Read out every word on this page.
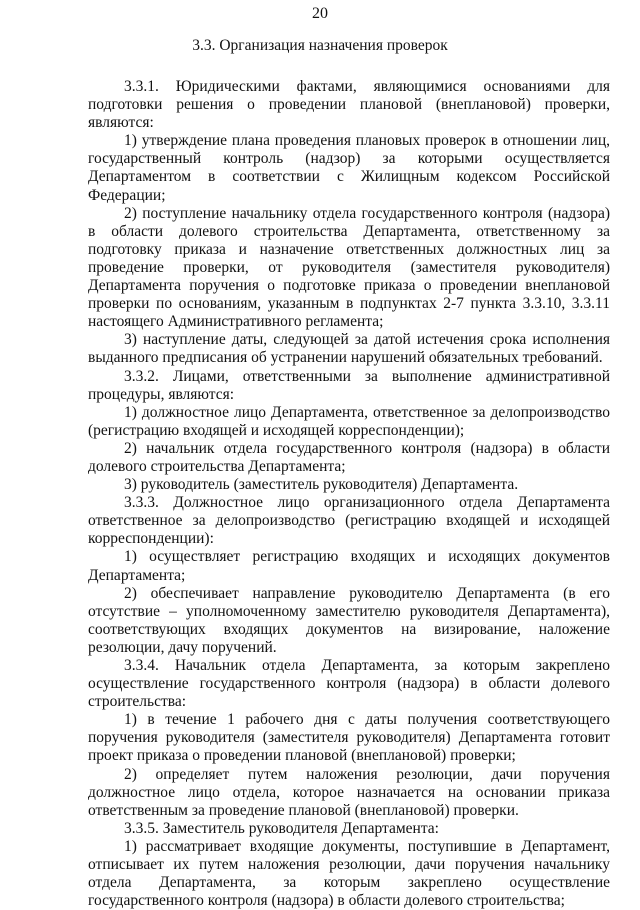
20
3.3. Организация назначения проверок

3.3.1. Юридическими фактами, являющимися основаниями для подготовки решения о проведении плановой (внеплановой) проверки, являются:

1) утверждение плана проведения плановых проверок в отношении лиц, государственный контроль (надзор) за которыми осуществляется Департаментом в соответствии с Жилищным кодексом Российской Федерации;

2) поступление начальнику отдела государственного контроля (надзора) в области долевого строительства Департамента, ответственному за подготовку приказа и назначение ответственных должностных лиц за проведение проверки, от руководителя (заместителя руководителя) Департамента поручения о подготовке приказа о проведении внеплановой проверки по основаниям, указанным в подпунктах 2-7 пункта 3.3.10, 3.3.11 настоящего Административного регламента;

3) наступление даты, следующей за датой истечения срока исполнения выданного предписания об устранении нарушений обязательных требований.

3.3.2. Лицами, ответственными за выполнение административной процедуры, являются:

1) должностное лицо Департамента, ответственное за делопроизводство (регистрацию входящей и исходящей корреспонденции);

2) начальник отдела государственного контроля (надзора) в области долевого строительства Департамента;

3) руководитель (заместитель руководителя) Департамента.

3.3.3. Должностное лицо организационного отдела Департамента ответственное за делопроизводство (регистрацию входящей и исходящей корреспонденции):

1) осуществляет регистрацию входящих и исходящих документов Департамента;

2) обеспечивает направление руководителю Департамента (в его отсутствие – уполномоченному заместителю руководителя Департамента), соответствующих входящих документов на визирование, наложение резолюции, дачу поручений.

3.3.4. Начальник отдела Департамента, за которым закреплено осуществление государственного контроля (надзора) в области долевого строительства:

1) в течение 1 рабочего дня с даты получения соответствующего поручения руководителя (заместителя руководителя) Департамента готовит проект приказа о проведении плановой (внеплановой) проверки;

2) определяет путем наложения резолюции, дачи поручения должностное лицо отдела, которое назначается на основании приказа ответственным за проведение плановой (внеплановой) проверки.

3.3.5. Заместитель руководителя Департамента:

1) рассматривает входящие документы, поступившие в Департамент, отписывает их путем наложения резолюции, дачи поручения начальнику отдела Департамента, за которым закреплено осуществление государственного контроля (надзора) в области долевого строительства;
